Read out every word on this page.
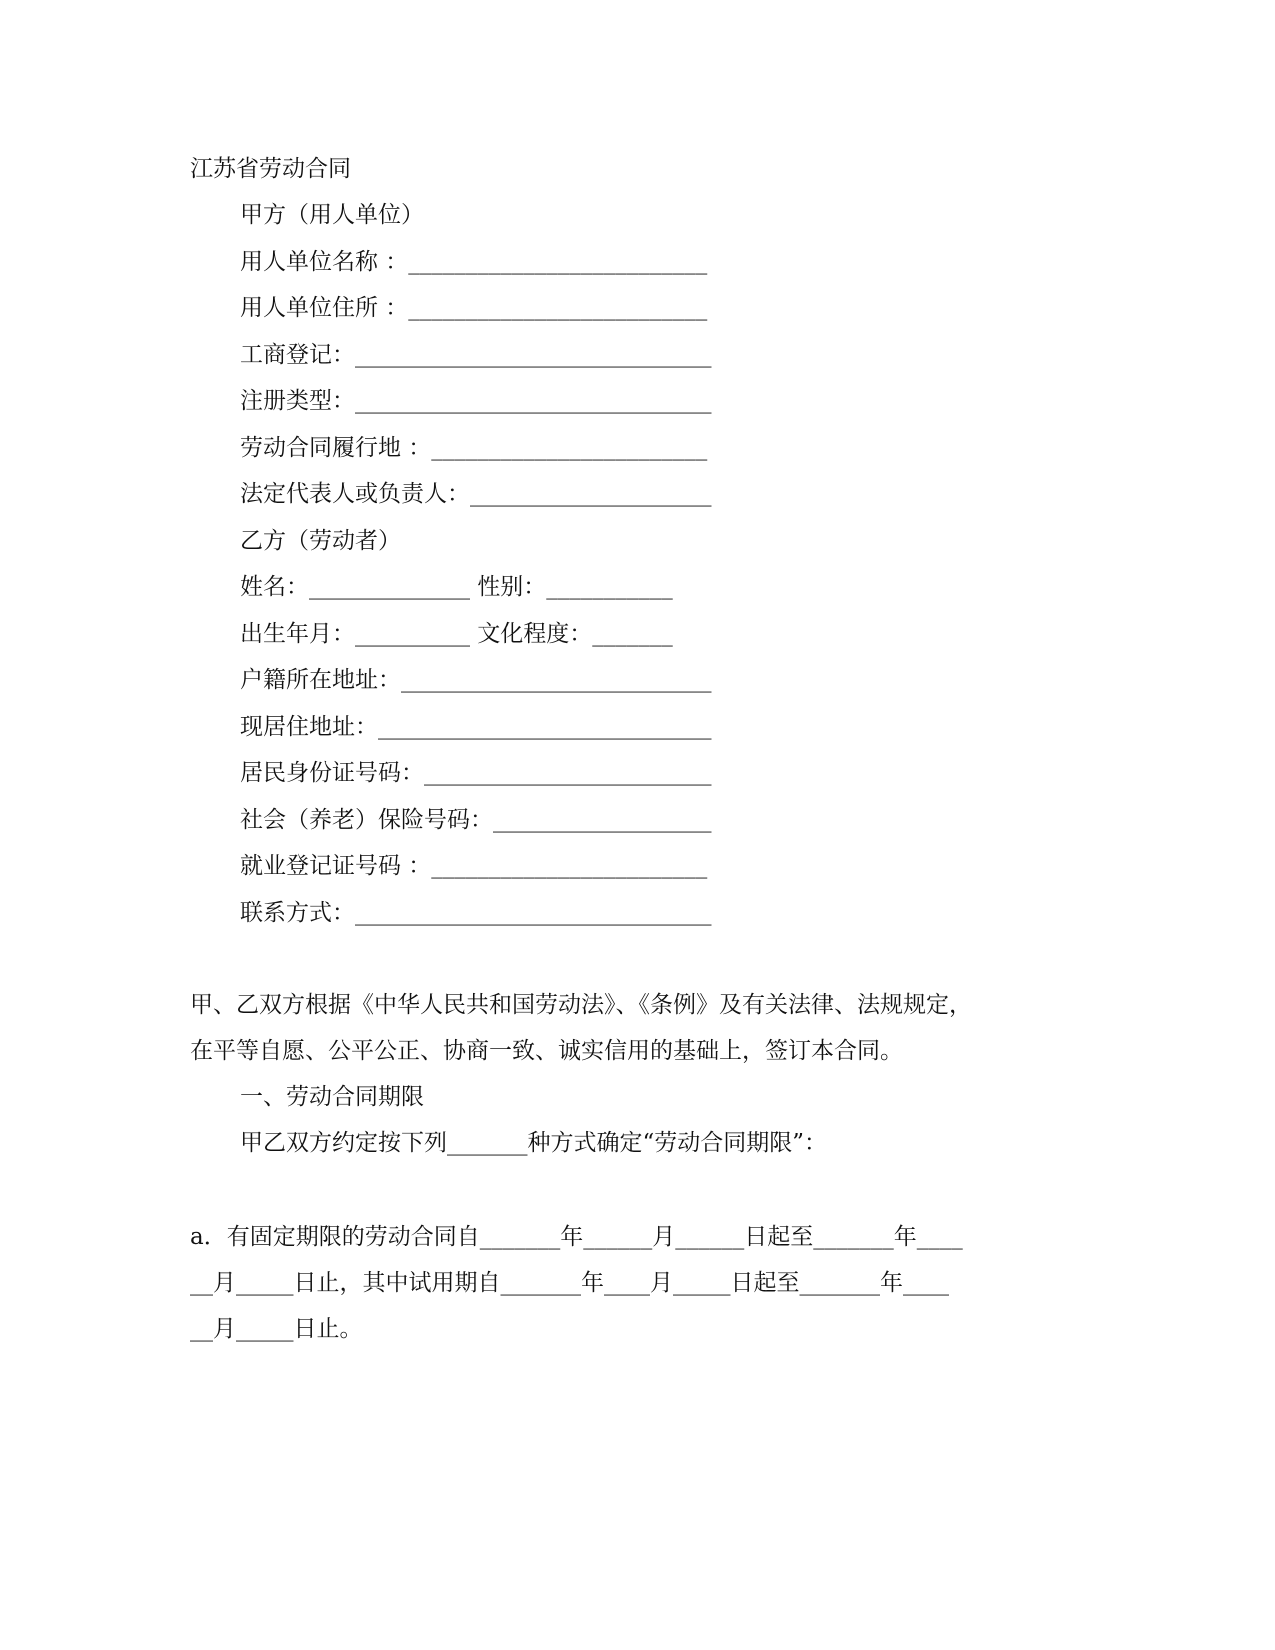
江苏省劳动合同
甲方（用人单位）
用人单位名称 ：__________________________
用人单位住所 ：__________________________
工商登记：_______________________________
注册类型：_______________________________
劳动合同履行地 ：________________________
法定代表人或负责人：_____________________
乙方（劳动者）
姓名：______________ 性别：___________
出生年月：__________ 文化程度：_______
户籍所在地址：___________________________
现居住地址：_____________________________
居民身份证号码：_________________________
社会（养老）保险号码：___________________
就业登记证号码 ：________________________
联系方式：_______________________________
甲、乙双方根据《中华人民共和国劳动法》、《条例》及有关法律、法规规定，
在平等自愿、公平公正、协商一致、诚实信用的基础上，签订本合同。
一、劳动合同期限
甲乙双方约定按下列_______种方式确定“劳动合同期限”：
a．有固定期限的劳动合同自_______年______月______日起至_______年____
__月_____日止，其中试用期自_______年____月_____日起至_______年____
__月_____日止。
